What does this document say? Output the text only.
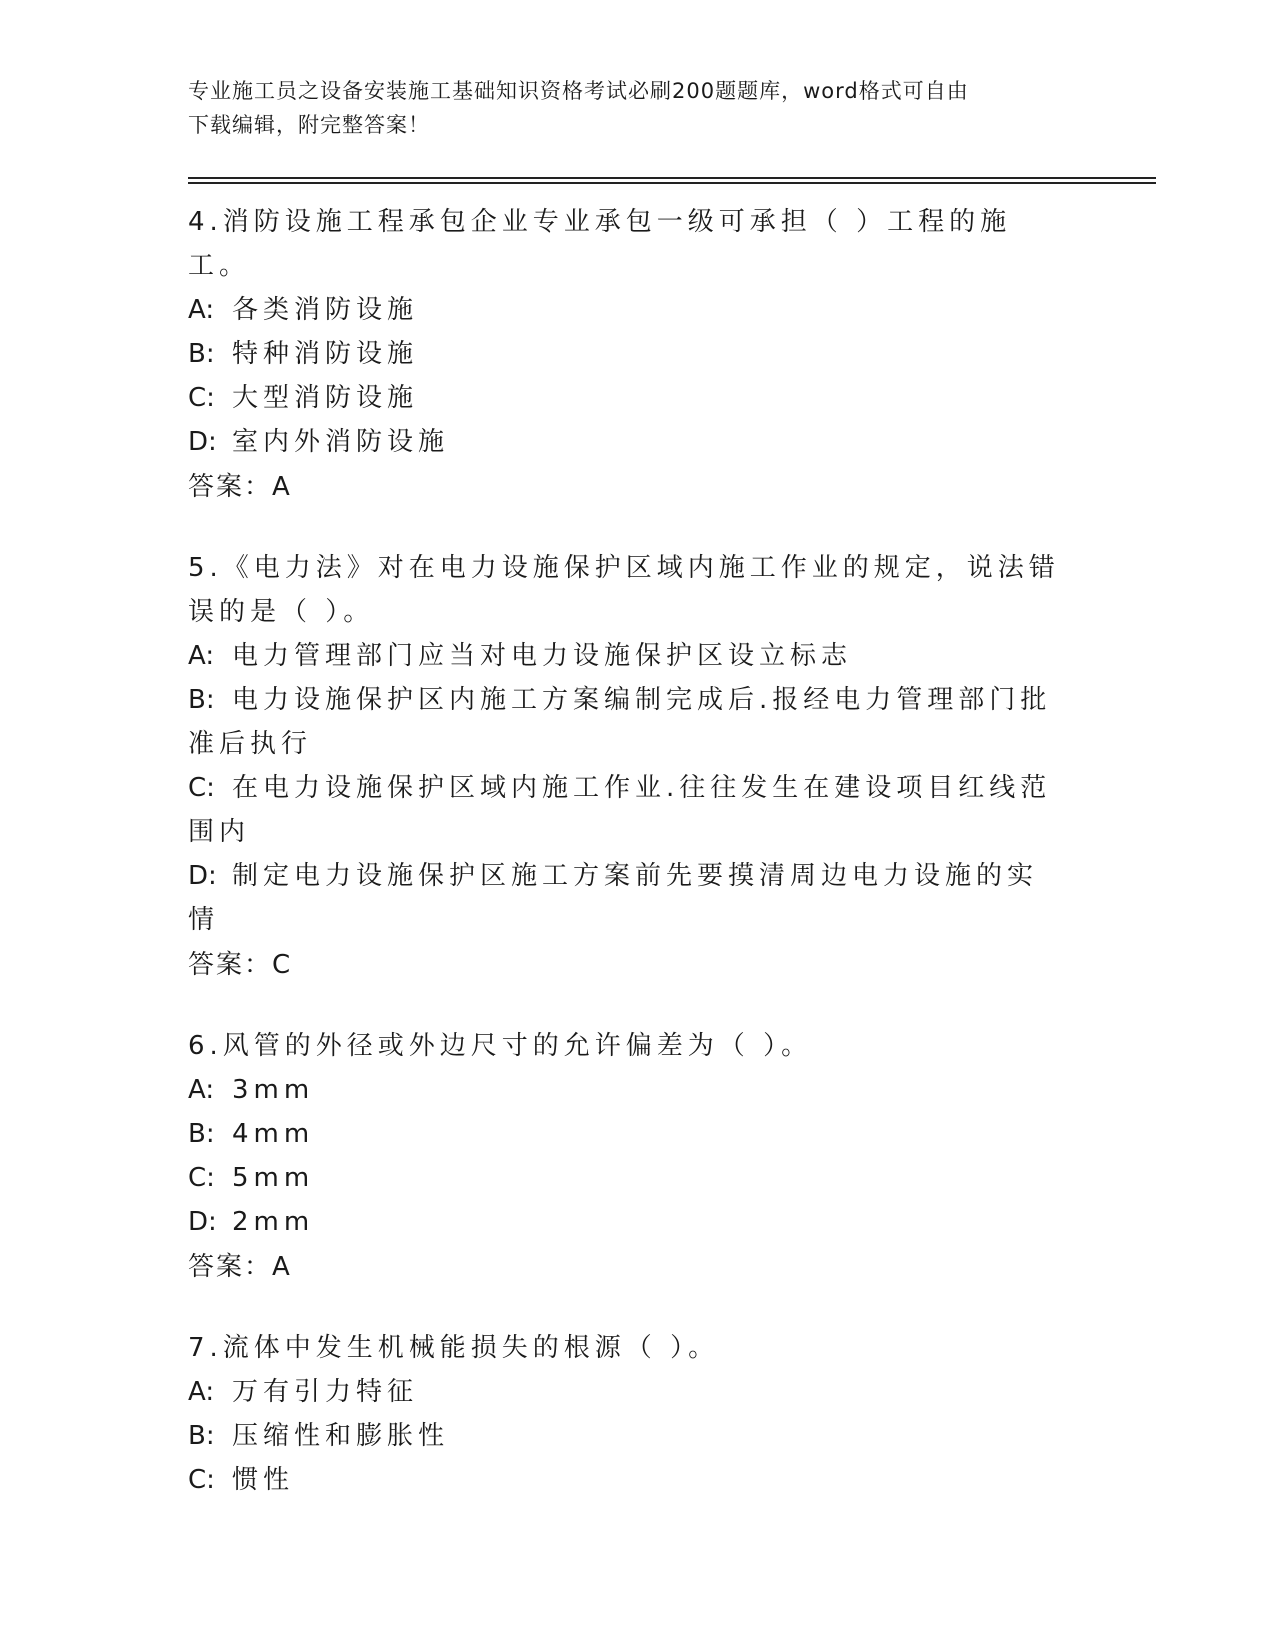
专业施工员之设备安装施工基础知识资格考试必刷200题题库，word格式可自由
下载编辑，附完整答案！

4.消防设施工程承包企业专业承包一级可承担（ ）工程的施工。

A: 各类消防设施

B: 特种消防设施

C: 大型消防设施

D: 室内外消防设施

答案：A

5.《电力法》对在电力设施保护区域内施工作业的规定，说法错误的是（ ）。

A: 电力管理部门应当对电力设施保护区设立标志

B: 电力设施保护区内施工方案编制完成后.报经电力管理部门批准后执行

C: 在电力设施保护区域内施工作业.往往发生在建设项目红线范围内

D: 制定电力设施保护区施工方案前先要摸清周边电力设施的实情

答案：C

6.风管的外径或外边尺寸的允许偏差为（ ）。

A: 3mm

B: 4mm

C: 5mm

D: 2mm

答案：A

7.流体中发生机械能损失的根源（ ）。

A: 万有引力特征

B: 压缩性和膨胀性

C: 惯性
